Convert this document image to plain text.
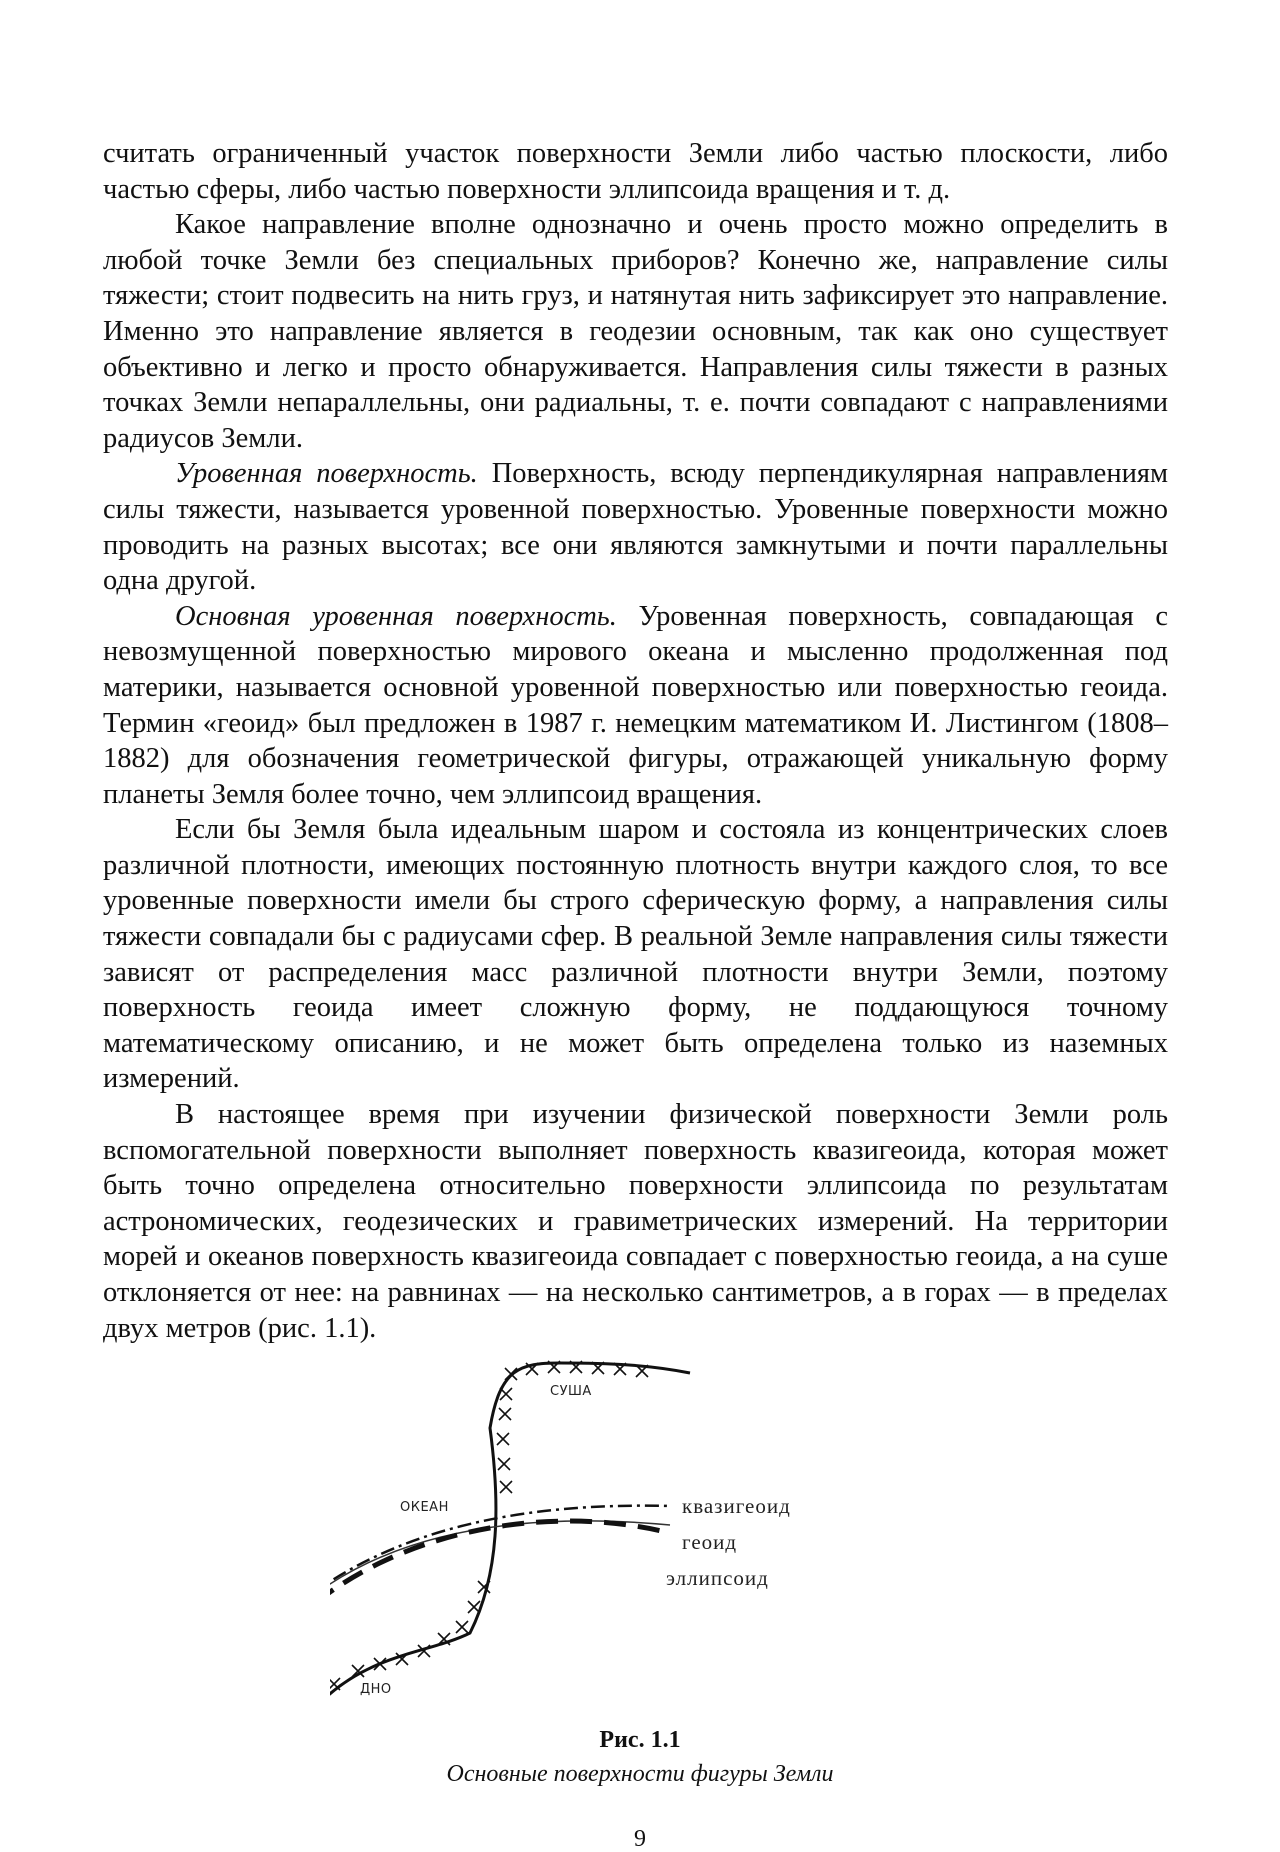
считать ограниченный участок поверхности Земли либо частью плоскости, либо частью сферы, либо частью поверхности эллипсоида вращения и т. д.

Какое направление вполне однозначно и очень просто можно определить в любой точке Земли без специальных приборов? Конечно же, направление силы тяжести; стоит подвесить на нить груз, и натянутая нить зафиксирует это направление. Именно это направление является в геодезии основным, так как оно существует объективно и легко и просто обнаруживается. Направления силы тяжести в разных точках Земли непараллельны, они радиальны, т. е. почти совпадают с направлениями радиусов Земли.

Уровенная поверхность. Поверхность, всюду перпендикулярная направлениям силы тяжести, называется уровенной поверхностью. Уровенные поверхности можно проводить на разных высотах; все они являются замкнутыми и почти параллельны одна другой.

Основная уровенная поверхность. Уровенная поверхность, совпадающая с невозмущенной поверхностью мирового океана и мысленно продолженная под материки, называется основной уровенной поверхностью или поверхностью геоида. Термин «геоид» был предложен в 1987 г. немецким математиком И. Листингом (1808–1882) для обозначения геометрической фигуры, отражающей уникальную форму планеты Земля более точно, чем эллипсоид вращения.

Если бы Земля была идеальным шаром и состояла из концентрических слоев различной плотности, имеющих постоянную плотность внутри каждого слоя, то все уровенные поверхности имели бы строго сферическую форму, а направления силы тяжести совпадали бы с радиусами сфер. В реальной Земле направления силы тяжести зависят от распределения масс различной плотности внутри Земли, поэтому поверхность геоида имеет сложную форму, не поддающуюся точному математическому описанию, и не может быть определена только из наземных измерений.

В настоящее время при изучении физической поверхности Земли роль вспомогательной поверхности выполняет поверхность квазигеоида, которая может быть точно определена относительно поверхности эллипсоида по результатам астрономических, геодезических и гравиметрических измерений. На территории морей и океанов поверхность квазигеоида совпадает с поверхностью геоида, а на суше отклоняется от нее: на равнинах — на несколько сантиметров, а в горах — в пределах двух метров (рис. 1.1).

СУША
ОКЕАН
ДНО
квазигеоид
геоид
эллипсоид
Рис. 1.1
Основные поверхности фигуры Земли
9
